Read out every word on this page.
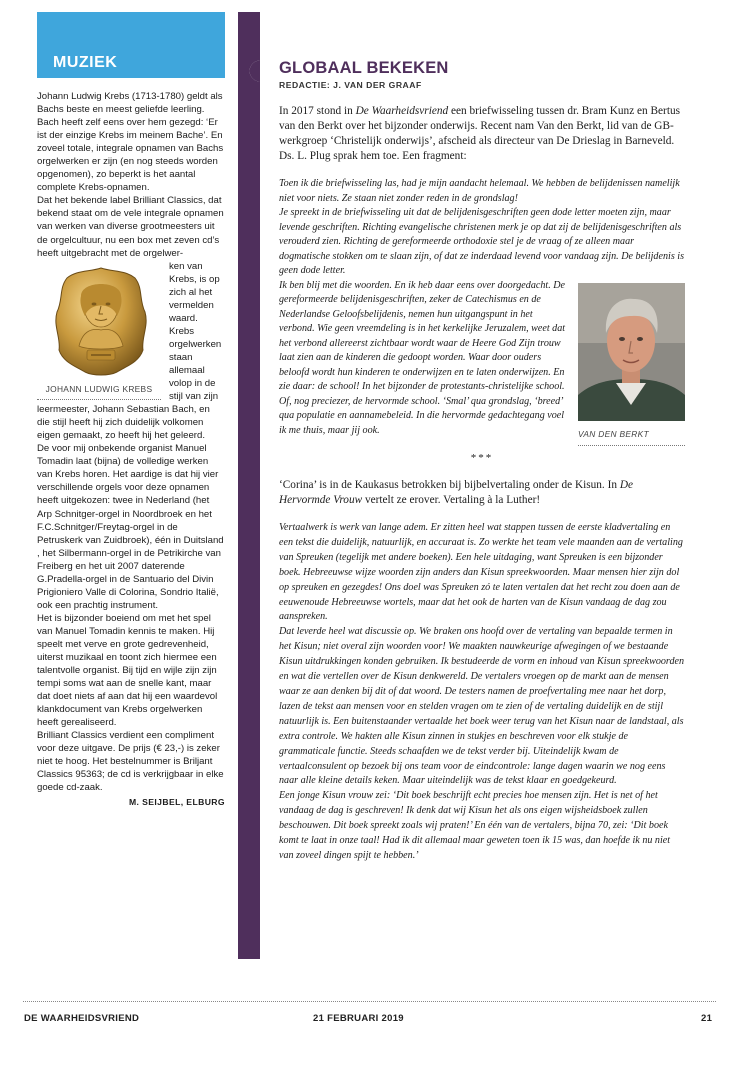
MUZIEK

Johann Ludwig Krebs (1713-1780) geldt als Bachs beste en meest geliefde leerling. Bach heeft zelf eens over hem gezegd: ‘Er ist der einzige Krebs im meinem Bache’. En zoveel totale, integrale opnamen van Bachs orgelwerken er zijn (en nog steeds worden opgenomen), zo beperkt is het aantal complete Krebs-opnamen.

Dat het bekende label Brilliant Classics, dat bekend staat om de vele integrale opnamen van werken van diverse grootmeesters uit de orgelcultuur, nu een box met zeven cd’s heeft uitgebracht met de orgelwer-

JOHANN LUDWIG KREBS

ken van Krebs, is op zich al het vermelden waard. Krebs orgelwerken staan allemaal volop in de stijl van zijn leermeester, Johann Sebastian Bach, en die stijl heeft hij zich duidelijk volkomen eigen gemaakt, zo heeft hij het geleerd.

De voor mij onbekende organist Manuel Tomadin laat (bijna) de volledige werken van Krebs horen. Het aardige is dat hij vier verschillende orgels voor deze opnamen heeft uitgekozen: twee in Nederland (het Arp Schnitger-orgel in Noordbroek en het F.C.Schnitger/Freytag-orgel in de Petruskerk van Zuidbroek), één in Duitsland , het Silbermann-orgel in de Petrikirche van Freiberg en het uit 2007 daterende G.Pradella-orgel in de Santuario del Divin Prigioniero Valle di Colorina, Sondrio Italië, ook een prachtig instrument.

Het is bijzonder boeiend om met het spel van Manuel Tomadin kennis te maken. Hij speelt met verve en grote gedrevenheid, uiterst muzikaal en toont zich hiermee een talentvolle organist. Bij tijd en wijle zijn zijn tempi soms wat aan de snelle kant, maar dat doet niets af aan dat hij een waardevol klankdocument van Krebs orgelwerken heeft gerealiseerd.

Brilliant Classics verdient een compliment voor deze uitgave. De prijs (€ 23,-) is zeker niet te hoog. Het bestelnummer is Briljant Classics 95363; de cd is verkrijgbaar in elke goede cd-zaak.

M. SEIJBEL, ELBURG
GLOBAAL BEKEKEN
REDACTIE: J. VAN DER GRAAF

In 2017 stond in De Waarheidsvriend een briefwisseling tussen dr. Bram Kunz en Bertus van den Berkt over het bijzonder onderwijs. Recent nam Van den Berkt, lid van de GB-werkgroep ‘Christelijk onderwijs’, afscheid als directeur van De Drieslag in Barneveld. Ds. L. Plug sprak hem toe. Een fragment:

Toen ik die briefwisseling las, had je mijn aandacht helemaal. We hebben de belijdenissen namelijk niet voor niets. Ze staan niet zonder reden in de grondslag!

Je spreekt in de briefwisseling uit dat de belijdenisgeschriften geen dode letter moeten zijn, maar levende geschriften. Richting evangelische christenen merk je op dat zij de belijdenisgeschriften als verouderd zien. Richting de gereformeerde orthodoxie stel je de vraag of ze alleen maar dogmatische stokken om te slaan zijn, of dat ze inderdaad levend voor vandaag zijn. De belijdenis is geen dode letter.

VAN DEN BERKT

Ik ben blij met die woorden. En ik heb daar eens over doorgedacht. De gereformeerde belijdenisgeschriften, zeker de Catechismus en de Nederlandse Geloofsbelijdenis, nemen hun uitgangspunt in het verbond. Wie geen vreemdeling is in het kerkelijke Jeruzalem, weet dat het verbond allereerst zichtbaar wordt waar de Heere God Zijn trouw laat zien aan de kinderen die gedoopt worden. Waar door ouders beloofd wordt hun kinderen te onderwijzen en te laten onderwijzen. En zie daar: de school! In het bijzonder de protestants-christelijke school. Of, nog preciezer, de hervormde school. ‘Smal’ qua grondslag, ‘breed’ qua populatie en aannamebeleid. In die hervormde gedachtegang voel ik me thuis, maar jij ook.

***

‘Corina’ is in de Kaukasus betrokken bij bijbelvertaling onder de Kisun. In De Hervormde Vrouw vertelt ze erover. Vertaling à la Luther!

Vertaalwerk is werk van lange adem. Er zitten heel wat stappen tussen de eerste kladvertaling en een tekst die duidelijk, natuurlijk, en accuraat is. Zo werkte het team vele maanden aan de vertaling van Spreuken (tegelijk met andere boeken). Een hele uitdaging, want Spreuken is een bijzonder boek. Hebreeuwse wijze woorden zijn anders dan Kisun spreekwoorden. Maar mensen hier zijn dol op spreuken en gezegdes! Ons doel was Spreuken zó te laten vertalen dat het recht zou doen aan de eeuwenoude Hebreeuwse wortels, maar dat het ook de harten van de Kisun vandaag de dag zou aanspreken.

Dat leverde heel wat discussie op. We braken ons hoofd over de vertaling van bepaalde termen in het Kisun; niet overal zijn woorden voor! We maakten nauwkeurige afwegingen of we bestaande Kisun uitdrukkingen konden gebruiken. Ik bestudeerde de vorm en inhoud van Kisun spreekwoorden en wat die vertellen over de Kisun denkwereld. De vertalers vroegen op de markt aan de mensen waar ze aan denken bij dit of dat woord. De testers namen de proefvertaling mee naar het dorp, lazen de tekst aan mensen voor en stelden vragen om te zien of de vertaling duidelijk en de stijl natuurlijk is. Een buitenstaander vertaalde het boek weer terug van het Kisun naar de landstaal, als extra controle. We hakten alle Kisun zinnen in stukjes en beschreven voor elk stukje de grammaticale functie. Steeds schaafden we de tekst verder bij. Uiteindelijk kwam de vertaalconsulent op bezoek bij ons team voor de eindcontrole: lange dagen waarin we nog eens naar alle kleine details keken. Maar uiteindelijk was de tekst klaar en goedgekeurd.

Een jonge Kisun vrouw zei: ‘Dit boek beschrijft echt precies hoe mensen zijn. Het is net of het vandaag de dag is geschreven! Ik denk dat wij Kisun het als ons eigen wijsheidsboek zullen beschouwen. Dit boek spreekt zoals wij praten!’ En één van de vertalers, bijna 70, zei: ‘Dit boek komt te laat in onze taal! Had ik dit allemaal maar geweten toen ik 15 was, dan hoefde ik nu niet van zoveel dingen spijt te hebben.’

DE WAARHEIDSVRIEND	21 FEBRUARI 2019	21
